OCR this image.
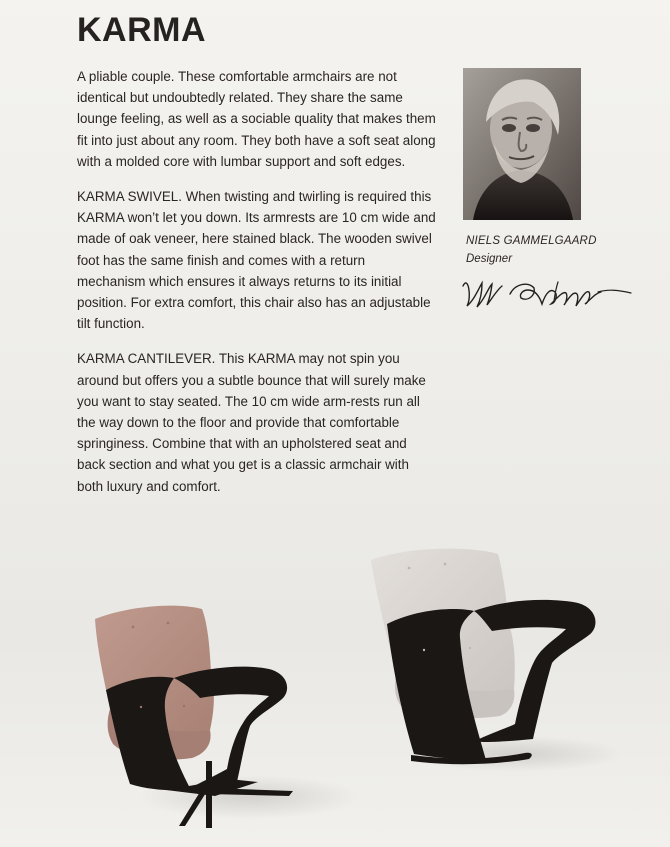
KARMA

A pliable couple. These comfortable armchairs are not identical but undoubtedly related. They share the same lounge feeling, as well as a sociable quality that makes them fit into just about any room. They both have a soft seat along with a molded core with lumbar support and soft edges.

KARMA SWIVEL. When twisting and twirling is required this KARMA won’t let you down. Its armrests are 10 cm wide and made of oak veneer, here stained black. The wooden swivel foot has the same finish and comes with a return mechanism which ensures it always returns to its initial position. For extra comfort, this chair also has an adjustable tilt function.

KARMA CANTILEVER. This KARMA may not spin you around but offers you a subtle bounce that will surely make you want to stay seated. The 10 cm wide arm-rests run all the way down to the floor and provide that comfortable springiness. Combine that with an upholstered seat and back section and what you get is a classic armchair with both luxury and comfort.

NIELS GAMMELGAARD
Designer
